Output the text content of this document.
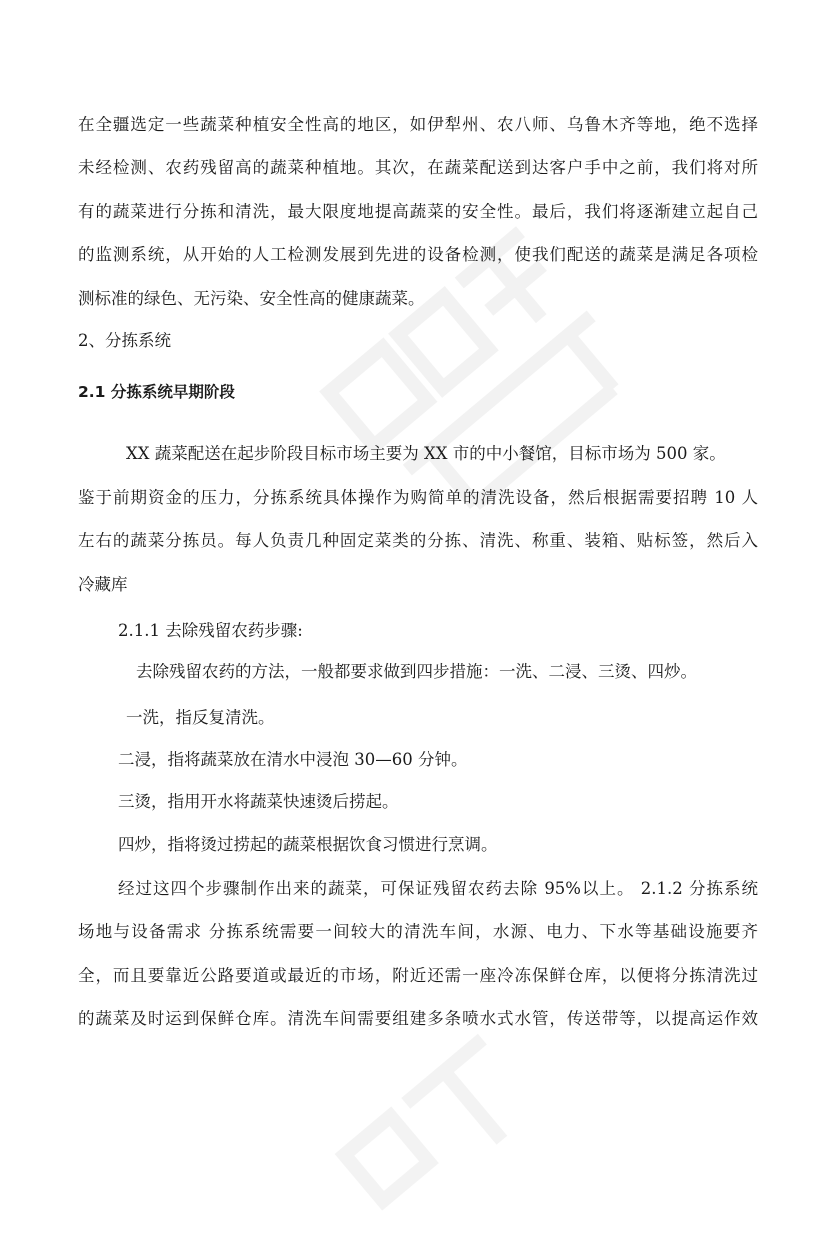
在全疆选定一些蔬菜种植安全性高的地区，如伊犁州、农八师、乌鲁木齐等地，绝不选择

未经检测、农药残留高的蔬菜种植地。其次，在蔬菜配送到达客户手中之前，我们将对所

有的蔬菜进行分拣和清洗，最大限度地提高蔬菜的安全性。最后，我们将逐渐建立起自己

的监测系统，从开始的人工检测发展到先进的设备检测，使我们配送的蔬菜是满足各项检

测标准的绿色、无污染、安全性高的健康蔬菜。

2、分拣系统

2.1 分拣系统早期阶段

XX 蔬菜配送在起步阶段目标市场主要为 XX 市的中小餐馆，目标市场为 500 家。

鉴于前期资金的压力，分拣系统具体操作为购简单的清洗设备，然后根据需要招聘 10 人

左右的蔬菜分拣员。每人负责几种固定菜类的分拣、清洗、称重、装箱、贴标签，然后入

冷藏库

2.1.1 去除残留农药步骤:

去除残留农药的方法，一般都要求做到四步措施：一洗、二浸、三烫、四炒。

一洗，指反复清洗。

二浸，指将蔬菜放在清水中浸泡 30—60 分钟。

三烫，指用开水将蔬菜快速烫后捞起。

四炒，指将烫过捞起的蔬菜根据饮食习惯进行烹调。

经过这四个步骤制作出来的蔬菜，可保证残留农药去除 95%以上。 2.1.2 分拣系统

场地与设备需求 分拣系统需要一间较大的清洗车间，水源、电力、下水等基础设施要齐

全，而且要靠近公路要道或最近的市场，附近还需一座冷冻保鲜仓库，以便将分拣清洗过

的蔬菜及时运到保鲜仓库。清洗车间需要组建多条喷水式水管，传送带等，以提高运作效
